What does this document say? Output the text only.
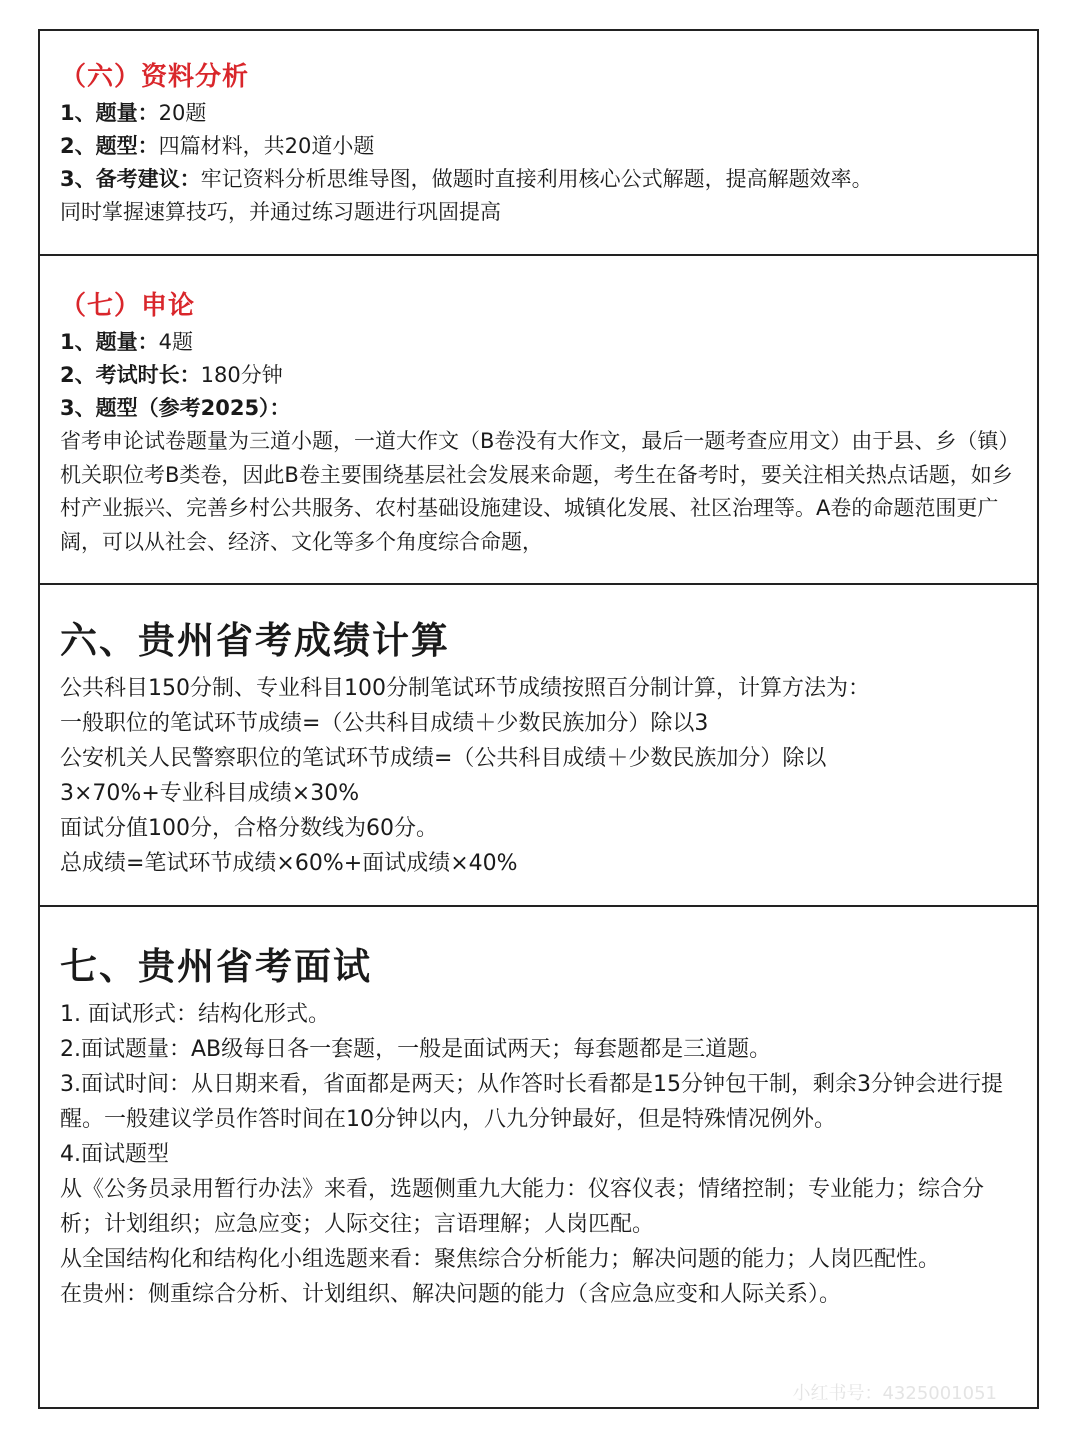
（六）资料分析

1、题量：20题

2、题型：四篇材料，共20道小题

3、备考建议：牢记资料分析思维导图，做题时直接利用核心公式解题，提高解题效率。

同时掌握速算技巧，并通过练习题进行巩固提高

（七）申论

1、题量：4题

2、考试时长：180分钟

3、题型（参考2025）：

省考申论试卷题量为三道小题，一道大作文（B卷没有大作文，最后一题考查应用文）由于县、乡（镇）机关职位考B类卷，因此B卷主要围绕基层社会发展来命题，考生在备考时，要关注相关热点话题，如乡村产业振兴、完善乡村公共服务、农村基础设施建设、城镇化发展、社区治理等。A卷的命题范围更广阔，可以从社会、经济、文化等多个角度综合命题，

六、贵州省考成绩计算

公共科目150分制、专业科目100分制笔试环节成绩按照百分制计算，计算方法为：

一般职位的笔试环节成绩=（公共科目成绩＋少数民族加分）除以3

公安机关人民警察职位的笔试环节成绩=（公共科目成绩＋少数民族加分）除以

3×70%+专业科目成绩×30%

面试分值100分，合格分数线为60分。

总成绩=笔试环节成绩×60%+面试成绩×40%

七、贵州省考面试

1. 面试形式：结构化形式。

2.面试题量：AB级每日各一套题，一般是面试两天；每套题都是三道题。

3.面试时间：从日期来看，省面都是两天；从作答时长看都是15分钟包干制，剩余3分钟会进行提醒。一般建议学员作答时间在10分钟以内，八九分钟最好，但是特殊情况例外。

4.面试题型

从《公务员录用暂行办法》来看，选题侧重九大能力：仪容仪表；情绪控制；专业能力；综合分析；计划组织；应急应变；人际交往；言语理解；人岗匹配。

从全国结构化和结构化小组选题来看：聚焦综合分析能力；解决问题的能力；人岗匹配性。

在贵州：侧重综合分析、计划组织、解决问题的能力（含应急应变和人际关系）。

小红书号：4325001051
